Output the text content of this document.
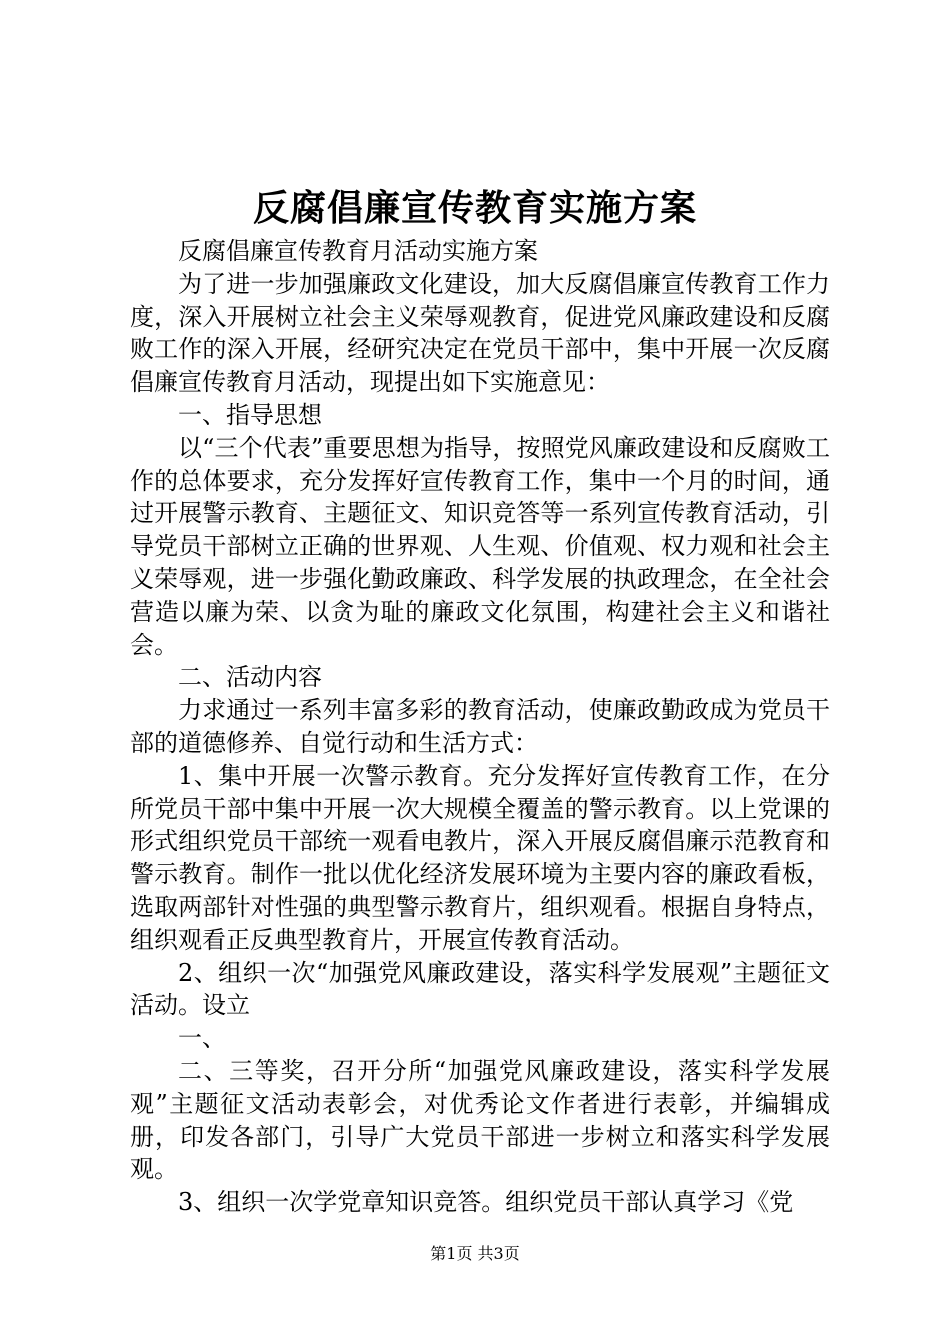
反腐倡廉宣传教育实施方案

反腐倡廉宣传教育月活动实施方案

为了进一步加强廉政文化建设，加大反腐倡廉宣传教育工作力度，深入开展树立社会主义荣辱观教育，促进党风廉政建设和反腐败工作的深入开展，经研究决定在党员干部中，集中开展一次反腐倡廉宣传教育月活动，现提出如下实施意见：

一、指导思想

以“三个代表”重要思想为指导，按照党风廉政建设和反腐败工作的总体要求，充分发挥好宣传教育工作，集中一个月的时间，通过开展警示教育、主题征文、知识竞答等一系列宣传教育活动，引导党员干部树立正确的世界观、人生观、价值观、权力观和社会主义荣辱观，进一步强化勤政廉政、科学发展的执政理念，在全社会营造以廉为荣、以贪为耻的廉政文化氛围，构建社会主义和谐社会。

二、活动内容

力求通过一系列丰富多彩的教育活动，使廉政勤政成为党员干部的道德修养、自觉行动和生活方式：

1、集中开展一次警示教育。充分发挥好宣传教育工作，在分所党员干部中集中开展一次大规模全覆盖的警示教育。以上党课的形式组织党员干部统一观看电教片，深入开展反腐倡廉示范教育和警示教育。制作一批以优化经济发展环境为主要内容的廉政看板，选取两部针对性强的典型警示教育片，组织观看。根据自身特点，组织观看正反典型教育片，开展宣传教育活动。

2、组织一次“加强党风廉政建设，落实科学发展观”主题征文活动。设立

一、

二、三等奖，召开分所“加强党风廉政建设，落实科学发展观”主题征文活动表彰会，对优秀论文作者进行表彰，并编辑成册，印发各部门，引导广大党员干部进一步树立和落实科学发展观。

3、组织一次学党章知识竞答。组织党员干部认真学习《党

第1页 共3页
